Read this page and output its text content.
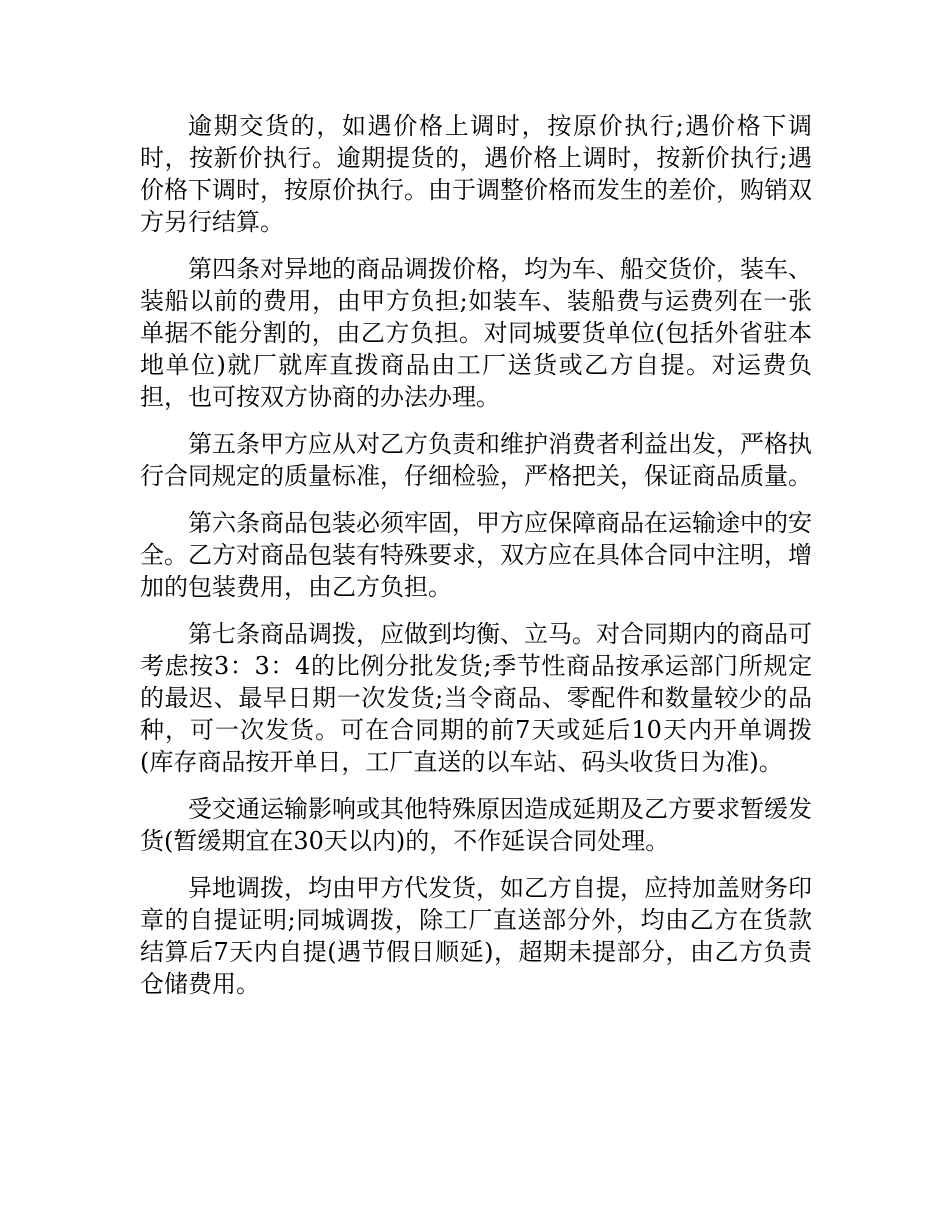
逾期交货的，如遇价格上调时，按原价执行;遇价格下调时，按新价执行。逾期提货的，遇价格上调时，按新价执行;遇价格下调时，按原价执行。由于调整价格而发生的差价，购销双方另行结算。

第四条对异地的商品调拨价格，均为车、船交货价，装车、装船以前的费用，由甲方负担;如装车、装船费与运费列在一张单据不能分割的，由乙方负担。对同城要货单位(包括外省驻本地单位)就厂就库直拨商品由工厂送货或乙方自提。对运费负担，也可按双方协商的办法办理。

第五条甲方应从对乙方负责和维护消费者利益出发，严格执行合同规定的质量标准，仔细检验，严格把关，保证商品质量。

第六条商品包装必须牢固，甲方应保障商品在运输途中的安全。乙方对商品包装有特殊要求，双方应在具体合同中注明，增加的包装费用，由乙方负担。

第七条商品调拨，应做到均衡、立马。对合同期内的商品可考虑按3：3：4的比例分批发货;季节性商品按承运部门所规定的最迟、最早日期一次发货;当令商品、零配件和数量较少的品种，可一次发货。可在合同期的前7天或延后10天内开单调拨(库存商品按开单日，工厂直送的以车站、码头收货日为准)。

受交通运输影响或其他特殊原因造成延期及乙方要求暂缓发货(暂缓期宜在30天以内)的，不作延误合同处理。

异地调拨，均由甲方代发货，如乙方自提，应持加盖财务印章的自提证明;同城调拨，除工厂直送部分外，均由乙方在货款结算后7天内自提(遇节假日顺延)，超期未提部分，由乙方负责仓储费用。
